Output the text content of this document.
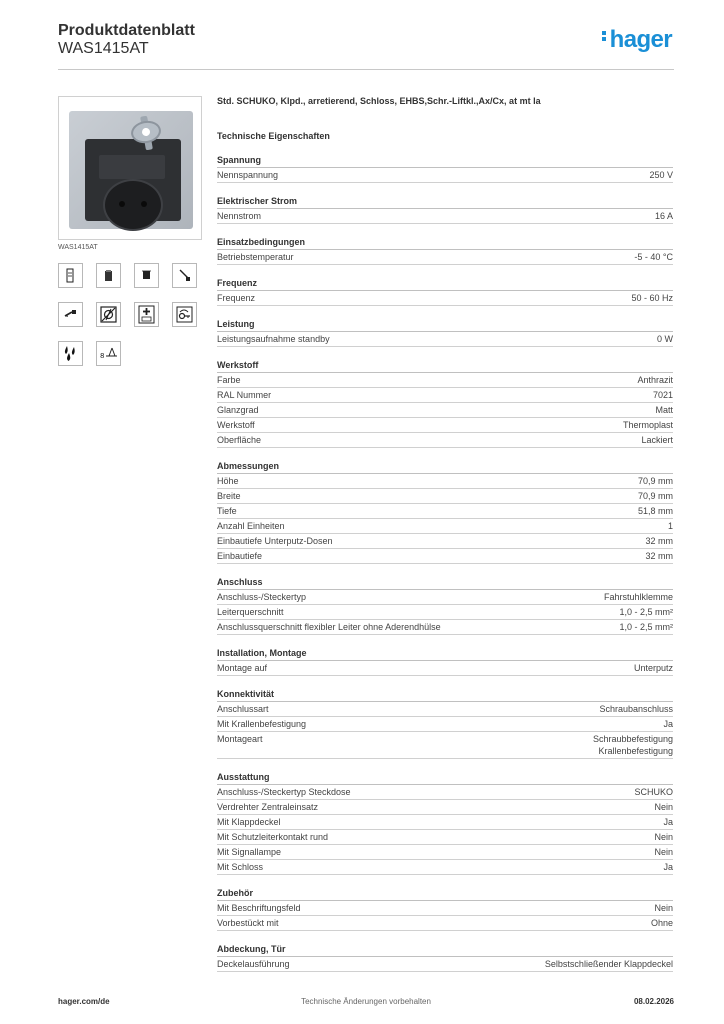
Produktdatenblatt
WAS1415AT	hager
WAS1415AT
8
Std. SCHUKO, Klpd., arretierend, Schloss, EHBS,Schr.-Liftkl.,Ax/Cx, at mt la
Technische Eigenschaften
Spannung
Nennspannung	250 V
Elektrischer Strom
Nennstrom	16 A
Einsatzbedingungen
Betriebstemperatur	-5 - 40 °C
Frequenz
Frequenz	50 - 60 Hz
Leistung
Leistungsaufnahme standby	0 W
Werkstoff
Farbe	Anthrazit
RAL Nummer	7021
Glanzgrad	Matt
Werkstoff	Thermoplast
Oberfläche	Lackiert
Abmessungen
Höhe	70,9 mm
Breite	70,9 mm
Tiefe	51,8 mm
Anzahl Einheiten	1
Einbautiefe Unterputz-Dosen	32 mm
Einbautiefe	32 mm
Anschluss
Anschluss-/Steckertyp	Fahrstuhlklemme
Leiterquerschnitt	1,0 - 2,5 mm²
Anschlussquerschnitt flexibler Leiter ohne Aderendhülse	1,0 - 2,5 mm²
Installation, Montage
Montage auf	Unterputz
Konnektivität
Anschlussart	Schraubanschluss
Mit Krallenbefestigung	Ja
Montageart	Schraubbefestigung
Krallenbefestigung
Ausstattung
Anschluss-/Steckertyp Steckdose	SCHUKO
Verdrehter Zentraleinsatz	Nein
Mit Klappdeckel	Ja
Mit Schutzleiterkontakt rund	Nein
Mit Signallampe	Nein
Mit Schloss	Ja
Zubehör
Mit Beschriftungsfeld	Nein
Vorbestückt mit	Ohne
Abdeckung, Tür
Deckelausführung	Selbstschließender Klappdeckel
Technische Änderungen vorbehalten
hager.com/de	08.02.2026
